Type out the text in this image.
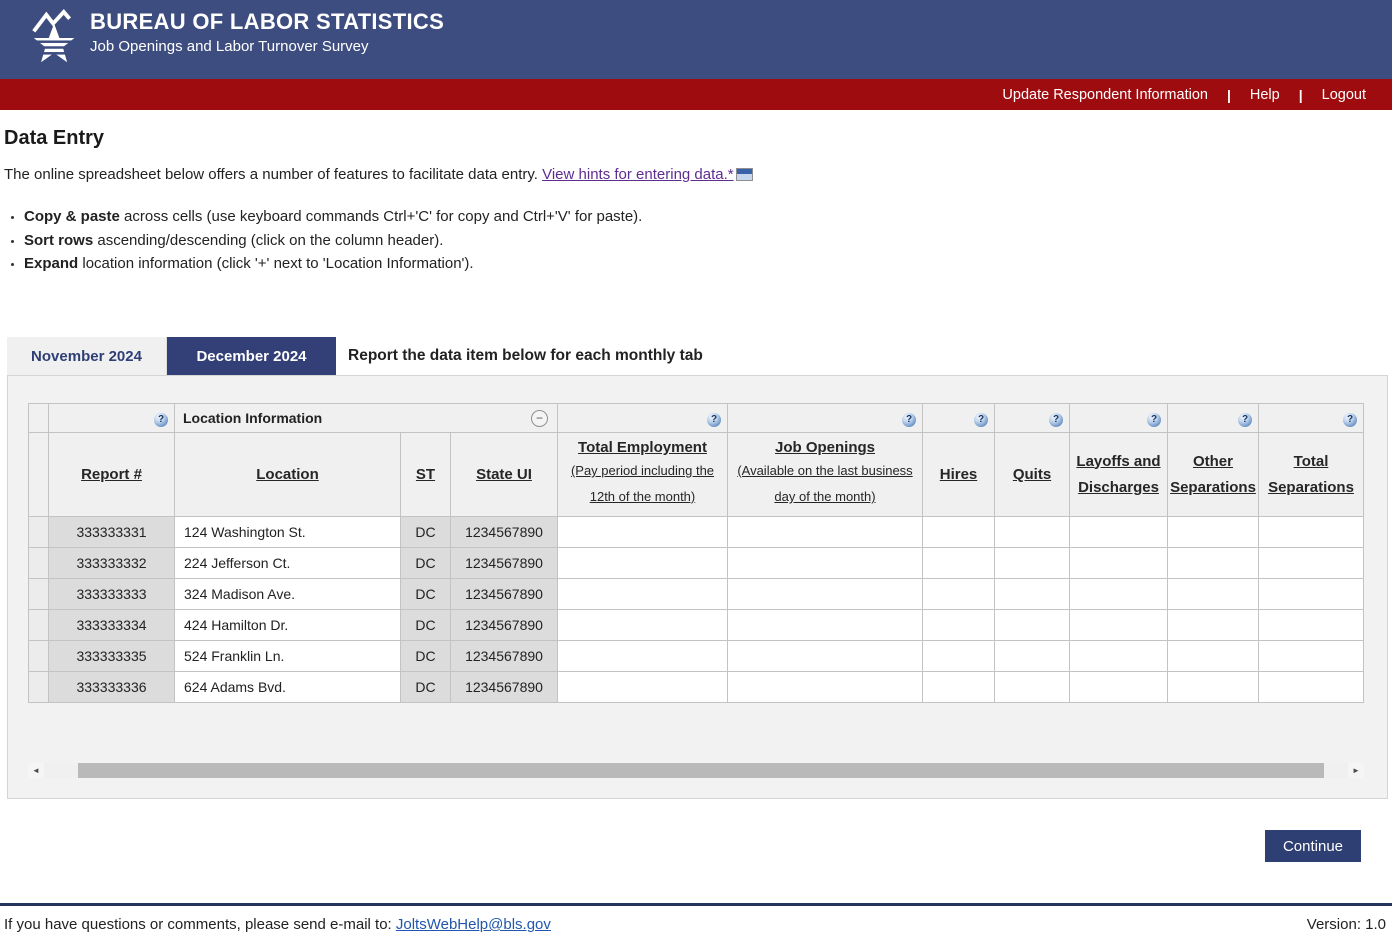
BUREAU OF LABOR STATISTICS
Job Openings and Labor Turnover Survey
Update Respondent Information | Help | Logout
Data Entry
The online spreadsheet below offers a number of features to facilitate data entry. View hints for entering data.*
• Copy & paste across cells (use keyboard commands Ctrl+'C' for copy and Ctrl+'V' for paste).
• Sort rows ascending/descending (click on the column header).
• Expand location information (click '+' next to 'Location Information').
November 2024	December 2024	Report the data item below for each monthly tab
	?	Location Information −			?	?	?	?	?	?	?
	Report #	Location	ST	State UI	Total Employment
(Pay period including the 12th of the month)	Job Openings
(Available on the last business day of the month)	Hires	Quits	Layoffs and Discharges	Other Separations	Total Separations
	333333331	124 Washington St.	DC	1234567890							
	333333332	224 Jefferson Ct.	DC	1234567890							
	333333333	324 Madison Ave.	DC	1234567890							
	333333334	424 Hamilton Dr.	DC	1234567890							
	333333335	524 Franklin Ln.	DC	1234567890							
	333333336	624 Adams Bvd.	DC	1234567890							
◄	►
Continue
If you have questions or comments, please send e-mail to: JoltsWebHelp@bls.gov	Version: 1.0
